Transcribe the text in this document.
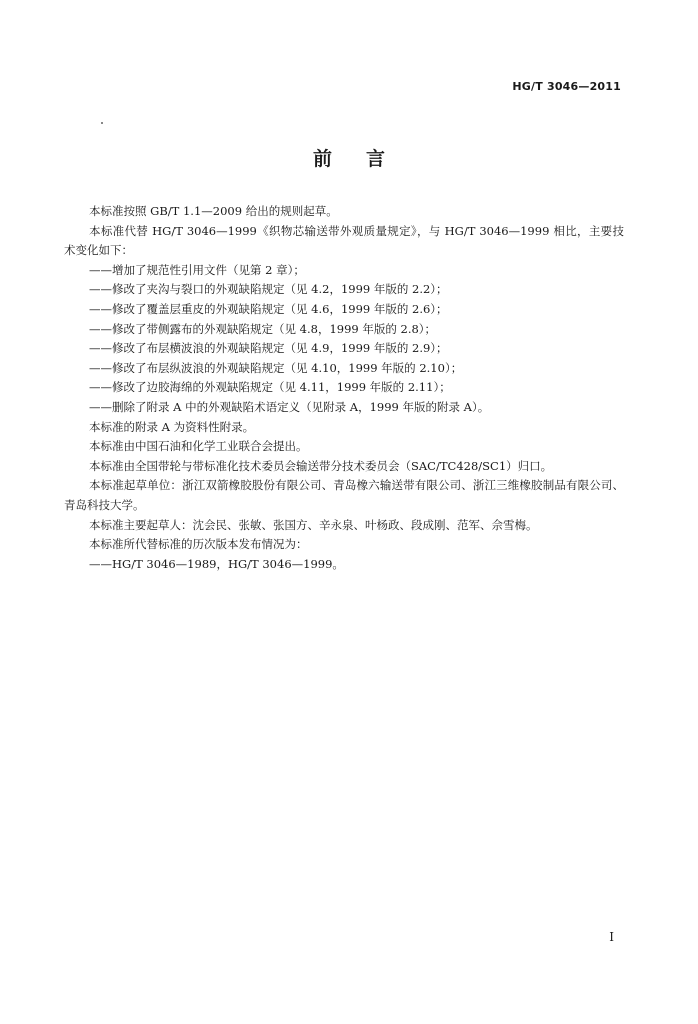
HG/T 3046—2011
前言

本标准按照 GB/T 1.1—2009 给出的规则起草。

本标准代替 HG/T 3046—1999《织物芯输送带外观质量规定》，与 HG/T 3046—1999 相比，主要技术变化如下：

——增加了规范性引用文件（见第 2 章）；

——修改了夹沟与裂口的外观缺陷规定（见 4.2，1999 年版的 2.2）；

——修改了覆盖层重皮的外观缺陷规定（见 4.6，1999 年版的 2.6）；

——修改了带侧露布的外观缺陷规定（见 4.8，1999 年版的 2.8）；

——修改了布层横波浪的外观缺陷规定（见 4.9，1999 年版的 2.9）；

——修改了布层纵波浪的外观缺陷规定（见 4.10，1999 年版的 2.10）；

——修改了边胶海绵的外观缺陷规定（见 4.11，1999 年版的 2.11）；

——删除了附录 A 中的外观缺陷术语定义（见附录 A，1999 年版的附录 A）。

本标准的附录 A 为资料性附录。

本标准由中国石油和化学工业联合会提出。

本标准由全国带轮与带标准化技术委员会输送带分技术委员会（SAC/TC428/SC1）归口。

本标准起草单位：浙江双箭橡胶股份有限公司、青岛橡六输送带有限公司、浙江三维橡胶制品有限公司、青岛科技大学。

本标准主要起草人：沈会民、张敏、张国方、辛永泉、叶杨政、段成刚、范军、佘雪梅。

本标准所代替标准的历次版本发布情况为：

——HG/T 3046—1989，HG/T 3046—1999。

I
